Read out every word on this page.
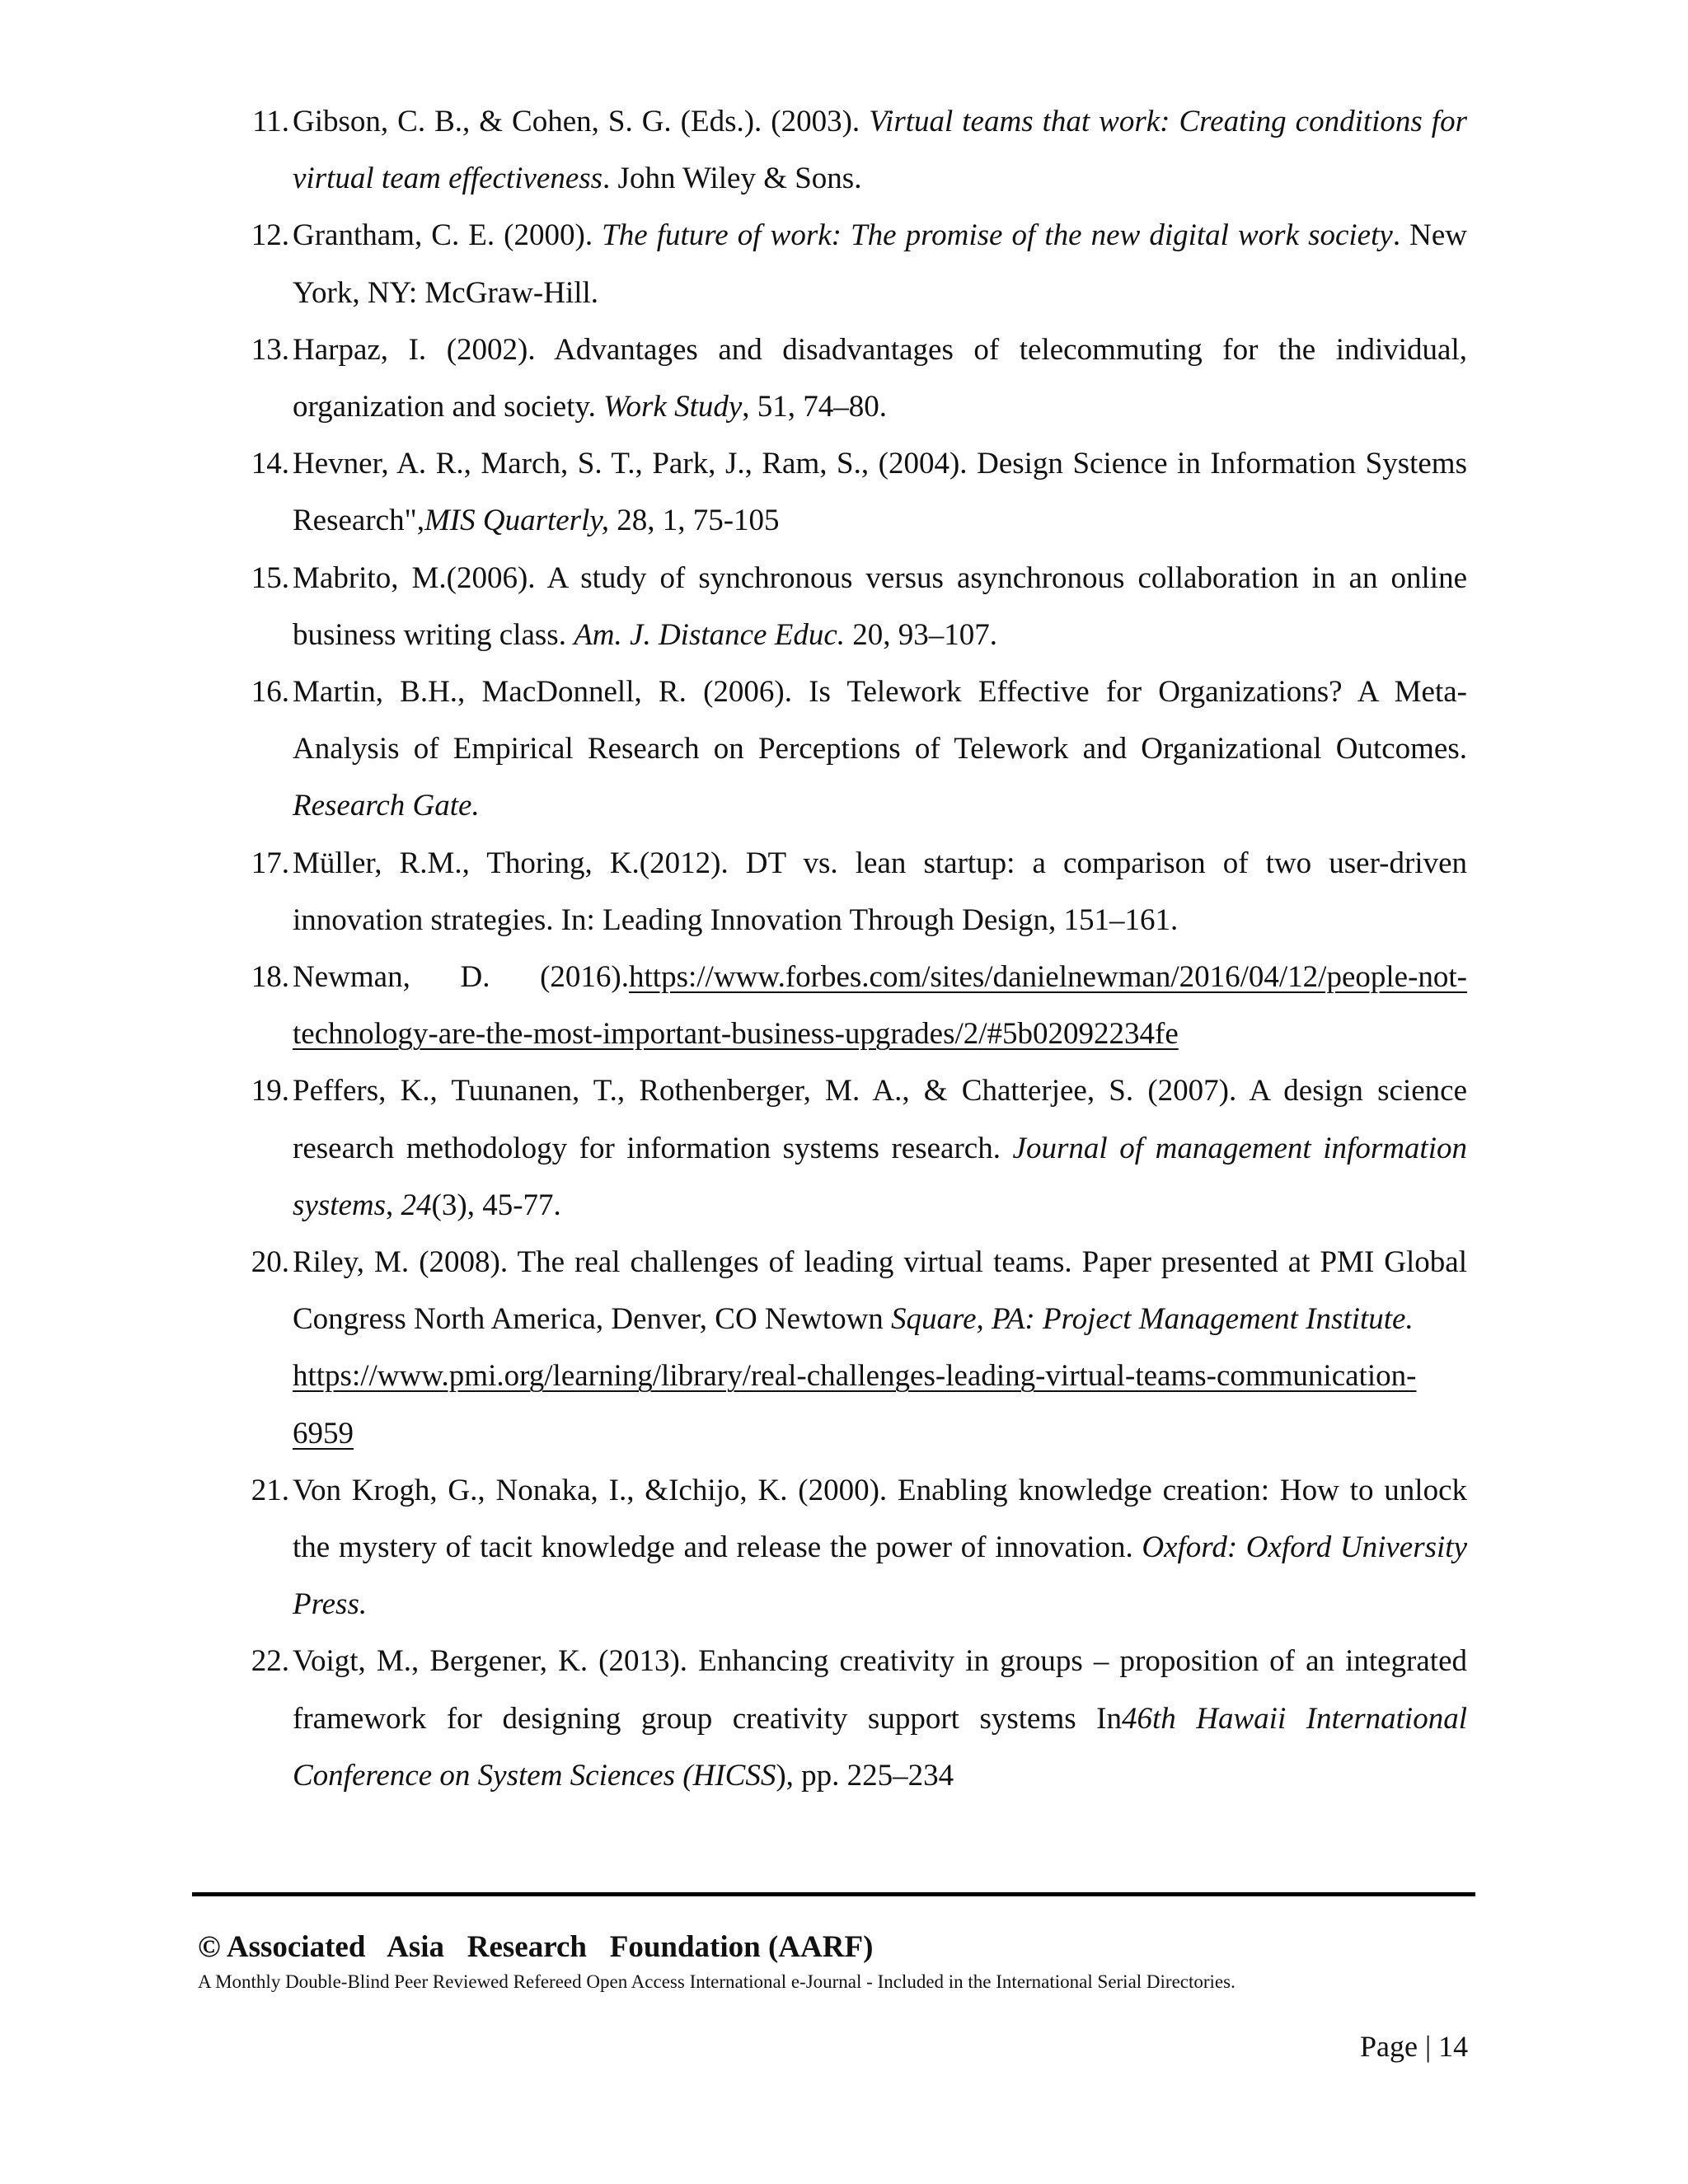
11. Gibson, C. B., & Cohen, S. G. (Eds.). (2003). Virtual teams that work: Creating conditions for virtual team effectiveness. John Wiley & Sons.
12. Grantham, C. E. (2000). The future of work: The promise of the new digital work society. New York, NY: McGraw-Hill.
13. Harpaz, I. (2002). Advantages and disadvantages of telecommuting for the individual, organization and society. Work Study, 51, 74–80.
14. Hevner, A. R., March, S. T., Park, J., Ram, S., (2004). Design Science in Information Systems Research",MIS Quarterly, 28, 1, 75-105
15. Mabrito, M.(2006). A study of synchronous versus asynchronous collaboration in an online business writing class. Am. J. Distance Educ. 20, 93–107.
16. Martin, B.H., MacDonnell, R. (2006). Is Telework Effective for Organizations? A Meta-Analysis of Empirical Research on Perceptions of Telework and Organizational Outcomes. Research Gate.
17. Müller, R.M., Thoring, K.(2012). DT vs. lean startup: a comparison of two user-driven innovation strategies. In: Leading Innovation Through Design, 151–161.
18. Newman, D. (2016).https://www.forbes.com/sites/danielnewman/2016/04/12/people-not-technology-are-the-most-important-business-upgrades/2/#5b02092234fe
19. Peffers, K., Tuunanen, T., Rothenberger, M. A., & Chatterjee, S. (2007). A design science research methodology for information systems research. Journal of management information systems, 24(3), 45-77.
20. Riley, M. (2008). The real challenges of leading virtual teams. Paper presented at PMI Global Congress North America, Denver, CO Newtown Square, PA: Project Management Institute.
https://www.pmi.org/learning/library/real-challenges-leading-virtual-teams-communication-6959
21. Von Krogh, G., Nonaka, I., &Ichijo, K. (2000). Enabling knowledge creation: How to unlock the mystery of tacit knowledge and release the power of innovation. Oxford: Oxford University Press.
22. Voigt, M., Bergener, K. (2013). Enhancing creativity in groups – proposition of an integrated framework for designing group creativity support systems In46th Hawaii International Conference on System Sciences (HICSS), pp. 225–234
© Associated   Asia   Research   Foundation (AARF)
A Monthly Double-Blind Peer Reviewed Refereed Open Access International e-Journal - Included in the International Serial Directories.
Page | 14
